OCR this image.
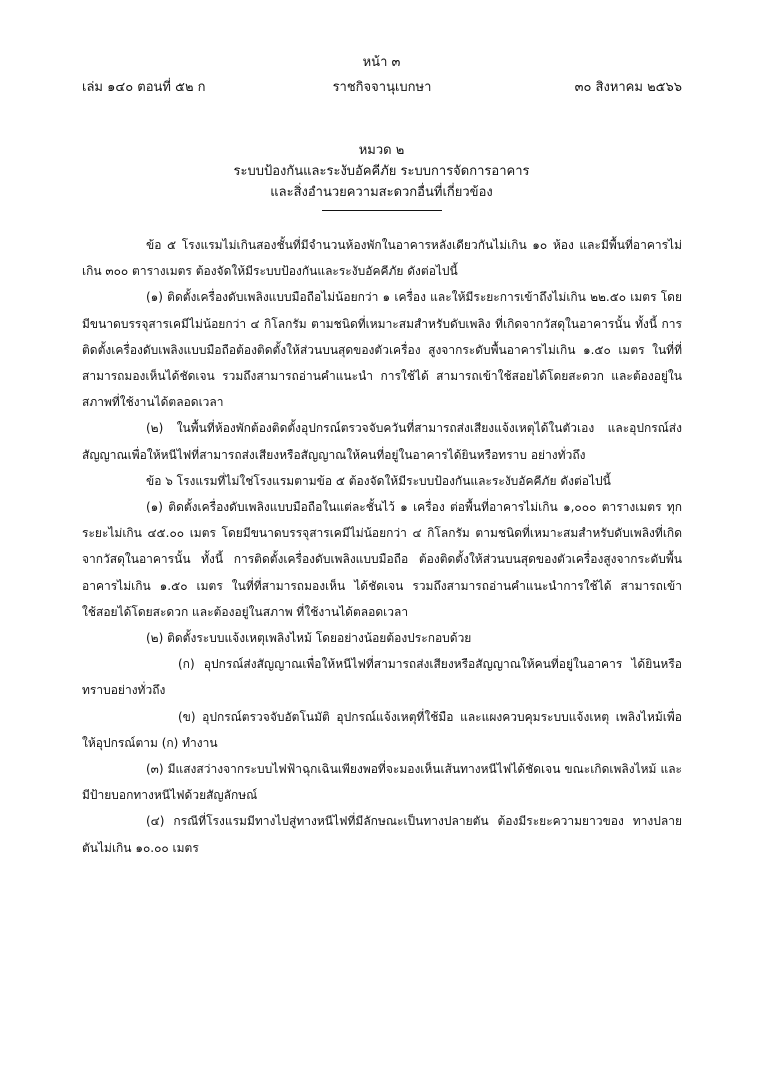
หน้า ๓
เล่ม ๑๔๐ ตอนที่ ๕๒ ก	ราชกิจจานุเบกษา	๓๐ สิงหาคม ๒๕๖๖
หมวด ๒
ระบบป้องกันและระงับอัคคีภัย ระบบการจัดการอาคาร
และสิ่งอำนวยความสะดวกอื่นที่เกี่ยวข้อง

ข้อ ๕ โรงแรมไม่เกินสองชั้นที่มีจำนวนห้องพักในอาคารหลังเดียวกันไม่เกิน ๑๐ ห้อง และมีพื้นที่อาคารไม่เกิน ๓๐๐ ตารางเมตร ต้องจัดให้มีระบบป้องกันและระงับอัคคีภัย ดังต่อไปนี้

(๑) ติดตั้งเครื่องดับเพลิงแบบมือถือไม่น้อยกว่า ๑ เครื่อง และให้มีระยะการเข้าถึงไม่เกิน ๒๒.๕๐ เมตร โดยมีขนาดบรรจุสารเคมีไม่น้อยกว่า ๔ กิโลกรัม ตามชนิดที่เหมาะสมสำหรับดับเพลิง ที่เกิดจากวัสดุในอาคารนั้น ทั้งนี้ การติดตั้งเครื่องดับเพลิงแบบมือถือต้องติดตั้งให้ส่วนบนสุดของตัวเครื่อง สูงจากระดับพื้นอาคารไม่เกิน ๑.๕๐ เมตร ในที่ที่สามารถมองเห็นได้ชัดเจน รวมถึงสามารถอ่านคำแนะนำ การใช้ได้ สามารถเข้าใช้สอยได้โดยสะดวก และต้องอยู่ในสภาพที่ใช้งานได้ตลอดเวลา

(๒) ในพื้นที่ห้องพักต้องติดตั้งอุปกรณ์ตรวจจับควันที่สามารถส่งเสียงแจ้งเหตุได้ในตัวเอง และอุปกรณ์ส่งสัญญาณเพื่อให้หนีไฟที่สามารถส่งเสียงหรือสัญญาณให้คนที่อยู่ในอาคารได้ยินหรือทราบ อย่างทั่วถึง

ข้อ ๖ โรงแรมที่ไม่ใช่โรงแรมตามข้อ ๕ ต้องจัดให้มีระบบป้องกันและระงับอัคคีภัย ดังต่อไปนี้

(๑) ติดตั้งเครื่องดับเพลิงแบบมือถือในแต่ละชั้นไว้ ๑ เครื่อง ต่อพื้นที่อาคารไม่เกิน ๑,๐๐๐ ตารางเมตร ทุกระยะไม่เกิน ๔๕.๐๐ เมตร โดยมีขนาดบรรจุสารเคมีไม่น้อยกว่า ๔ กิโลกรัม ตามชนิดที่เหมาะสมสำหรับดับเพลิงที่เกิดจากวัสดุในอาคารนั้น ทั้งนี้ การติดตั้งเครื่องดับเพลิงแบบมือถือ ต้องติดตั้งให้ส่วนบนสุดของตัวเครื่องสูงจากระดับพื้นอาคารไม่เกิน ๑.๕๐ เมตร ในที่ที่สามารถมองเห็น ได้ชัดเจน รวมถึงสามารถอ่านคำแนะนำการใช้ได้ สามารถเข้าใช้สอยได้โดยสะดวก และต้องอยู่ในสภาพ ที่ใช้งานได้ตลอดเวลา

(๒) ติดตั้งระบบแจ้งเหตุเพลิงไหม้ โดยอย่างน้อยต้องประกอบด้วย

(ก) อุปกรณ์ส่งสัญญาณเพื่อให้หนีไฟที่สามารถส่งเสียงหรือสัญญาณให้คนที่อยู่ในอาคาร ได้ยินหรือทราบอย่างทั่วถึง

(ข) อุปกรณ์ตรวจจับอัตโนมัติ อุปกรณ์แจ้งเหตุที่ใช้มือ และแผงควบคุมระบบแจ้งเหตุ เพลิงไหม้เพื่อให้อุปกรณ์ตาม (ก) ทำงาน

(๓) มีแสงสว่างจากระบบไฟฟ้าฉุกเฉินเพียงพอที่จะมองเห็นเส้นทางหนีไฟได้ชัดเจน ขณะเกิดเพลิงไหม้ และมีป้ายบอกทางหนีไฟด้วยสัญลักษณ์

(๔) กรณีที่โรงแรมมีทางไปสู่ทางหนีไฟที่มีลักษณะเป็นทางปลายตัน ต้องมีระยะความยาวของ ทางปลายตันไม่เกิน ๑๐.๐๐ เมตร
